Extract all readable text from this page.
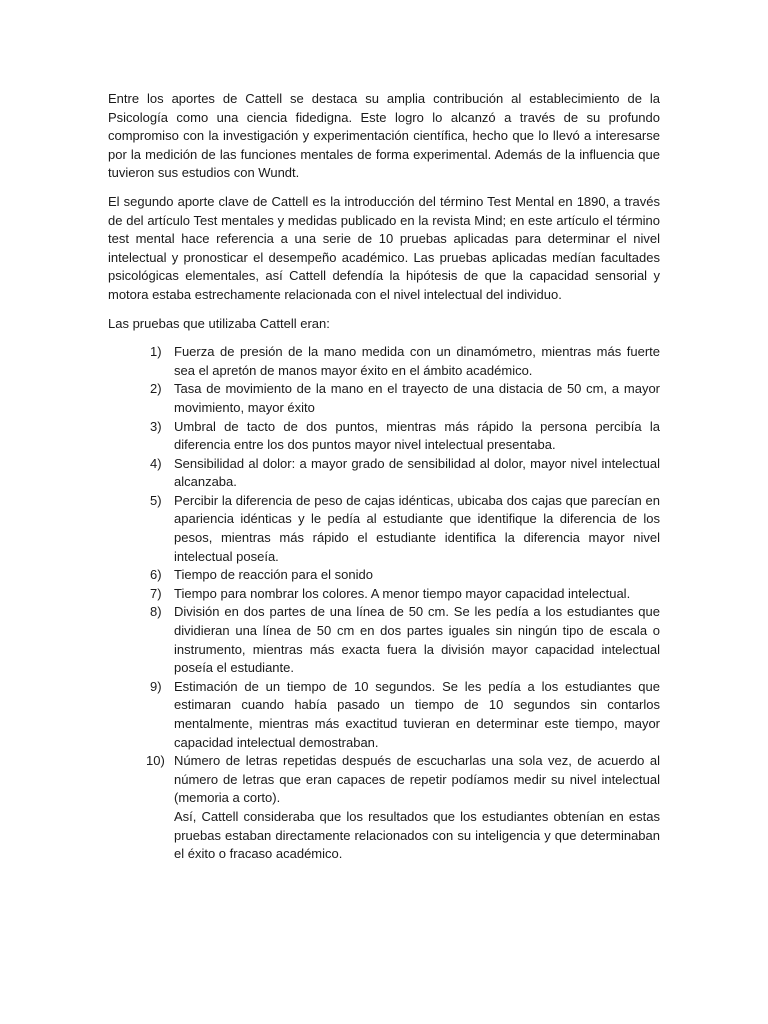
Entre los aportes de Cattell se destaca su amplia contribución al establecimiento de la Psicología como una ciencia fidedigna. Este logro lo alcanzó a través de su profundo compromiso con la investigación y experimentación científica, hecho que lo llevó a interesarse por la medición de las funciones mentales de forma experimental. Además de la influencia que tuvieron sus estudios con Wundt.

El segundo aporte clave de Cattell es la introducción del término Test Mental en 1890, a través de del artículo Test mentales y medidas publicado en la revista Mind; en este artículo el término test mental hace referencia a una serie de 10 pruebas aplicadas para determinar el nivel intelectual y pronosticar el desempeño académico. Las pruebas aplicadas medían facultades psicológicas elementales, así Cattell defendía la hipótesis de que la capacidad sensorial y motora estaba estrechamente relacionada con el nivel intelectual del individuo.

Las pruebas que utilizaba Cattell eran:

1) Fuerza de presión de la mano medida con un dinamómetro, mientras más fuerte sea el apretón de manos mayor éxito en el ámbito académico.
2) Tasa de movimiento de la mano en el trayecto de una distacia de 50 cm, a mayor movimiento, mayor éxito
3) Umbral de tacto de dos puntos, mientras más rápido la persona percibía la diferencia entre los dos puntos mayor nivel intelectual presentaba.
4) Sensibilidad al dolor: a mayor grado de sensibilidad al dolor, mayor nivel intelectual alcanzaba.
5) Percibir la diferencia de peso de cajas idénticas, ubicaba dos cajas que parecían en apariencia idénticas y le pedía al estudiante que identifique la diferencia de los pesos, mientras más rápido el estudiante identifica la diferencia mayor nivel intelectual poseía.
6) Tiempo de reacción para el sonido
7) Tiempo para nombrar los colores. A menor tiempo mayor capacidad intelectual.
8) División en dos partes de una línea de 50 cm. Se les pedía a los estudiantes que dividieran una línea de 50 cm en dos partes iguales sin ningún tipo de escala o instrumento, mientras más exacta fuera la división mayor capacidad intelectual poseía el estudiante.
9) Estimación de un tiempo de 10 segundos. Se les pedía a los estudiantes que estimaran cuando había pasado un tiempo de 10 segundos sin contarlos mentalmente, mientras más exactitud tuvieran en determinar este tiempo, mayor capacidad intelectual demostraban.
10) Número de letras repetidas después de escucharlas una sola vez, de acuerdo al número de letras que eran capaces de repetir podíamos medir su nivel intelectual (memoria a corto).
Así, Cattell consideraba que los resultados que los estudiantes obtenían en estas pruebas estaban directamente relacionados con su inteligencia y que determinaban el éxito o fracaso académico.
